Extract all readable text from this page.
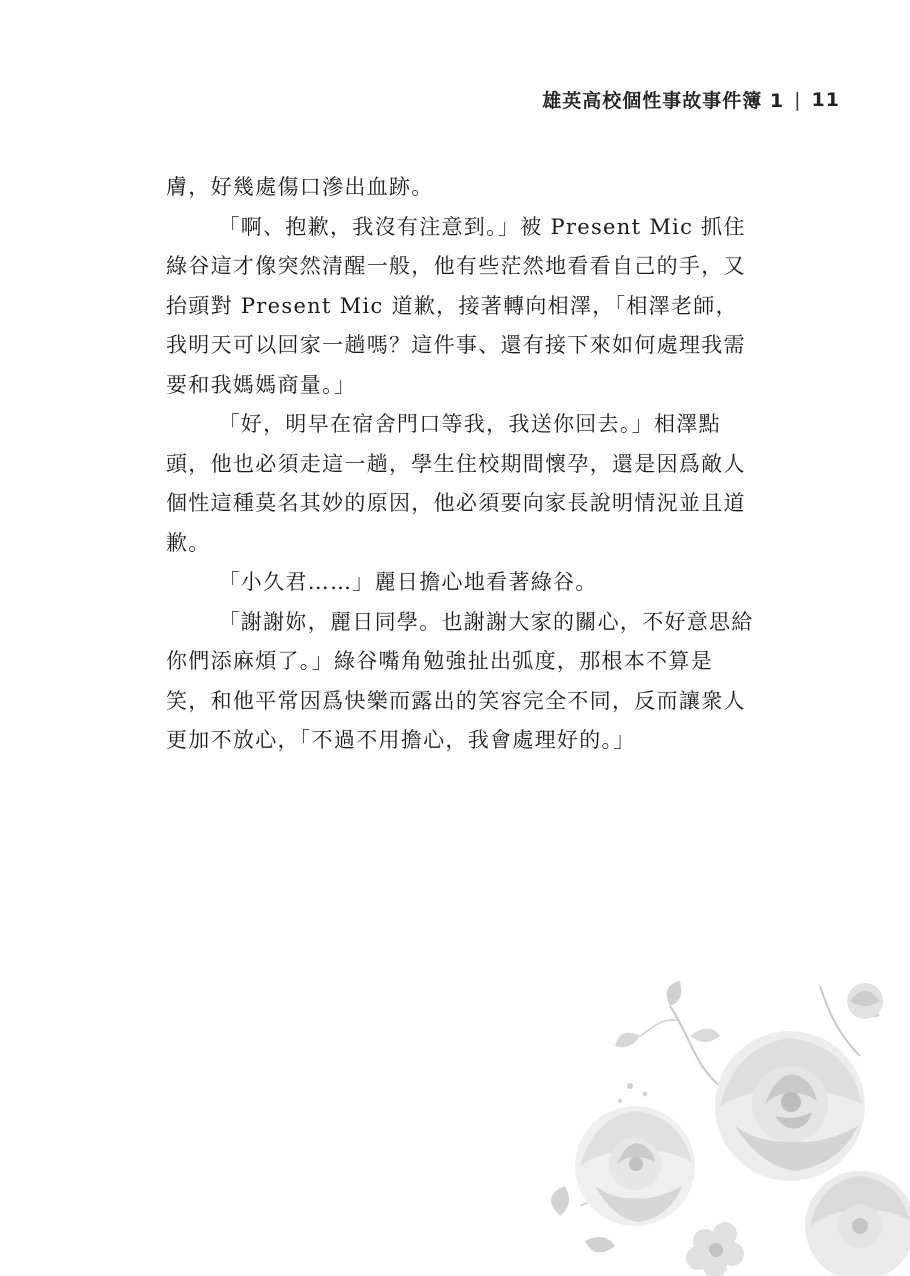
雄英高校個性事故事件簿 1 | 11

膚，好幾處傷口滲出血跡。

「啊、抱歉，我沒有注意到。」被 Present Mic 抓住綠谷這才像突然清醒一般，他有些茫然地看看自己的手，又抬頭對 Present Mic 道歉，接著轉向相澤，「相澤老師，我明天可以回家一趟嗎？這件事、還有接下來如何處理我需要和我媽媽商量。」

「好，明早在宿舍門口等我，我送你回去。」相澤點頭，他也必須走這一趟，學生住校期間懷孕，還是因爲敵人個性這種莫名其妙的原因，他必須要向家長說明情況並且道歉。

「小久君……」麗日擔心地看著綠谷。

「謝謝妳，麗日同學。也謝謝大家的關心，不好意思給你們添麻煩了。」綠谷嘴角勉強扯出弧度，那根本不算是笑，和他平常因爲快樂而露出的笑容完全不同，反而讓衆人更加不放心，「不過不用擔心，我會處理好的。」
